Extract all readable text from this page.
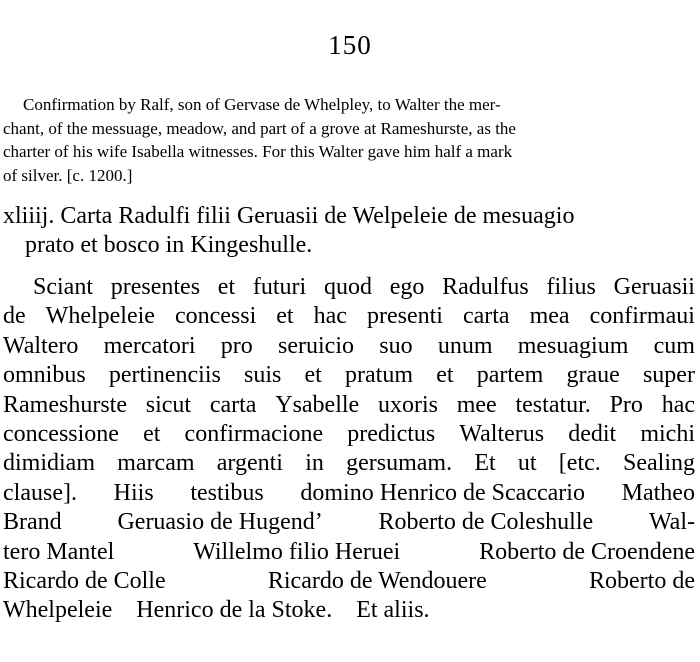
150
Confirmation by Ralf, son of Gervase de Whelpley, to Walter the mer-
chant, of the messuage, meadow, and part of a grove at Rameshurste, as the
charter of his wife Isabella witnesses. For this Walter gave him half a mark
of silver. [c. 1200.]
xliiij. Carta Radulfi filii Geruasii de Welpeleie de mesuagio
prato et bosco in Kingeshulle.
Sciant presentes et futuri quod ego Radulfus filius Geruasii
de Whelpeleie concessi et hac presenti carta mea confirmaui
Waltero mercatori pro seruicio suo unum mesuagium cum
omnibus pertinenciis suis et pratum et partem graue super
Rameshurste sicut carta Ysabelle uxoris mee testatur. Pro hac
concessione et confirmacione predictus Walterus dedit michi
dimidiam marcam argenti in gersumam. Et ut [etc. Sealing
clause]. Hiis testibus domino Henrico de Scaccario Matheo
Brand Geruasio de Hugend’ Roberto de Coleshulle Wal-
tero Mantel	Willelmo filio Heruei	Roberto de Croendene
Ricardo de Colle	Ricardo de Wendouere	Roberto de
Whelpeleie Henrico de la Stoke. Et aliis.
